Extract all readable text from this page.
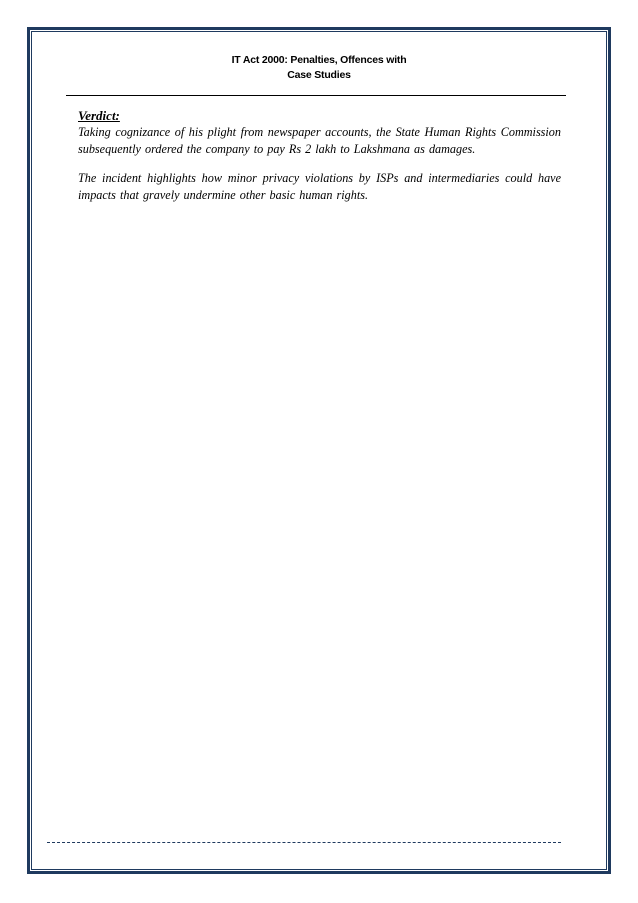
IT Act 2000: Penalties, Offences with
Case Studies

Verdict:

Taking cognizance of his plight from newspaper accounts, the State Human Rights Commission subsequently ordered the company to pay Rs 2 lakh to Lakshmana as damages.

The incident highlights how minor privacy violations by ISPs and intermediaries could have impacts that gravely undermine other basic human rights.
